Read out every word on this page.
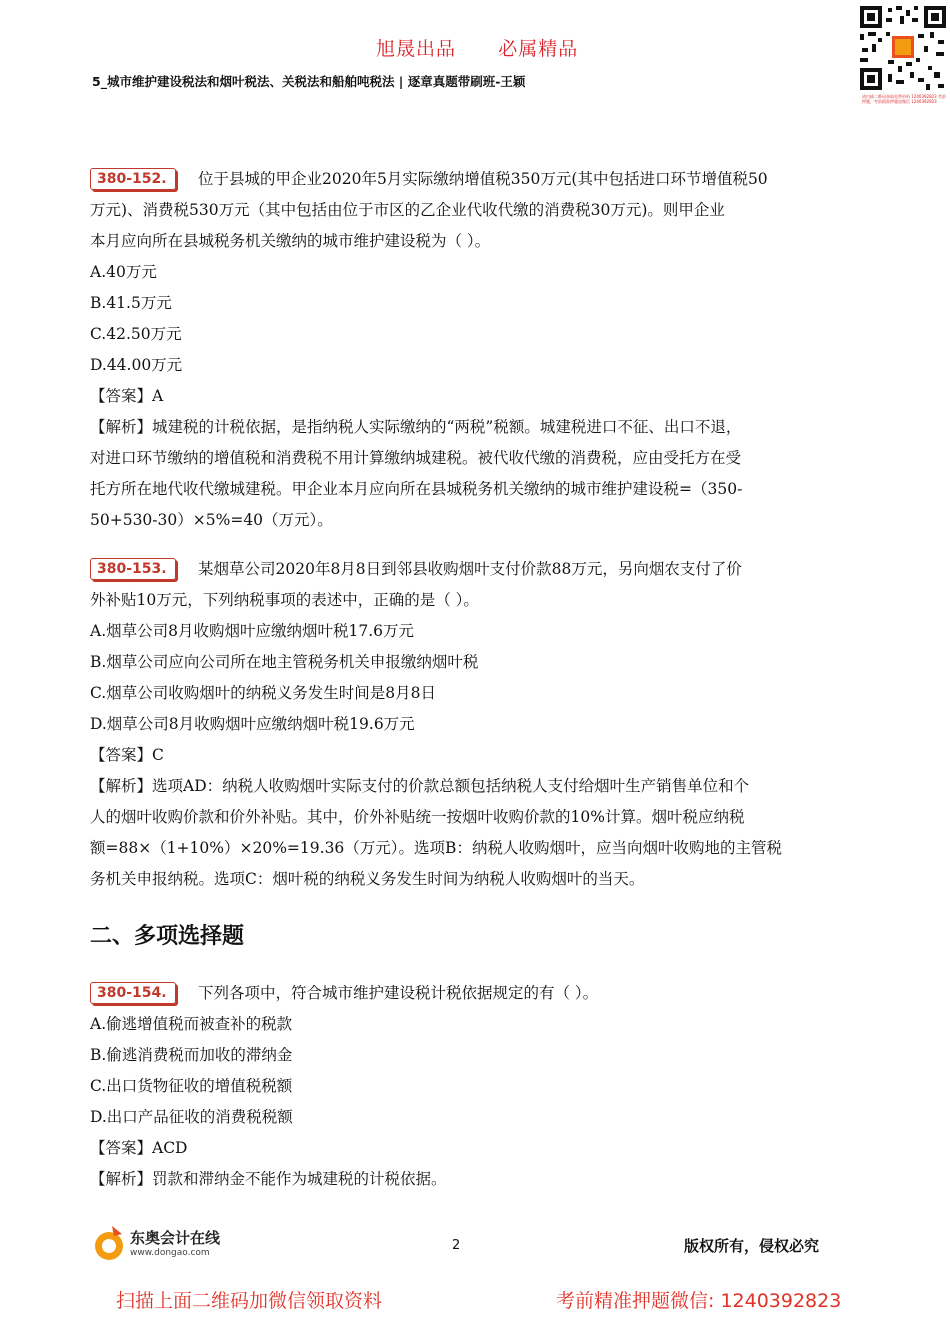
旭晟出品      必属精品
5_城市维护建设税法和烟叶税法、关税法和船舶吨税法 | 逐章真题带刷班-王颖
请扫描二维码获取免费资料 1240392823 考前押题，考前精准押题加微信 1240392823
380-152. 位于县城的甲企业2020年5月实际缴纳增值税350万元(其中包括进口环节增值税50
万元)、消费税530万元（其中包括由位于市区的乙企业代收代缴的消费税30万元)。则甲企业
本月应向所在县城税务机关缴纳的城市维护建设税为（ ）。
A.40万元
B.41.5万元
C.42.50万元
D.44.00万元
【答案】A
【解析】城建税的计税依据，是指纳税人实际缴纳的“两税”税额。城建税进口不征、出口不退，
对进口环节缴纳的增值税和消费税不用计算缴纳城建税。被代收代缴的消费税，应由受托方在受
托方所在地代收代缴城建税。甲企业本月应向所在县城税务机关缴纳的城市维护建设税=（350-
50+530-30）×5%=40（万元）。
380-153. 某烟草公司2020年8月8日到邻县收购烟叶支付价款88万元，另向烟农支付了价
外补贴10万元，下列纳税事项的表述中，正确的是（ ）。
A.烟草公司8月收购烟叶应缴纳烟叶税17.6万元
B.烟草公司应向公司所在地主管税务机关申报缴纳烟叶税
C.烟草公司收购烟叶的纳税义务发生时间是8月8日
D.烟草公司8月收购烟叶应缴纳烟叶税19.6万元
【答案】C
【解析】选项AD：纳税人收购烟叶实际支付的价款总额包括纳税人支付给烟叶生产销售单位和个
人的烟叶收购价款和价外补贴。其中，价外补贴统一按烟叶收购价款的10%计算。烟叶税应纳税
额=88×（1+10%）×20%=19.36（万元）。选项B：纳税人收购烟叶，应当向烟叶收购地的主管税
务机关申报纳税。选项C：烟叶税的纳税义务发生时间为纳税人收购烟叶的当天。
二、多项选择题
380-154. 下列各项中，符合城市维护建设税计税依据规定的有（ ）。
A.偷逃增值税而被查补的税款
B.偷逃消费税而加收的滞纳金
C.出口货物征收的增值税税额
D.出口产品征收的消费税税额
【答案】ACD
【解析】罚款和滞纳金不能作为城建税的计税依据。
东奥会计在线
www.dongao.com	2	版权所有，侵权必究
扫描上面二维码加微信领取资料	考前精准押题微信: 1240392823
